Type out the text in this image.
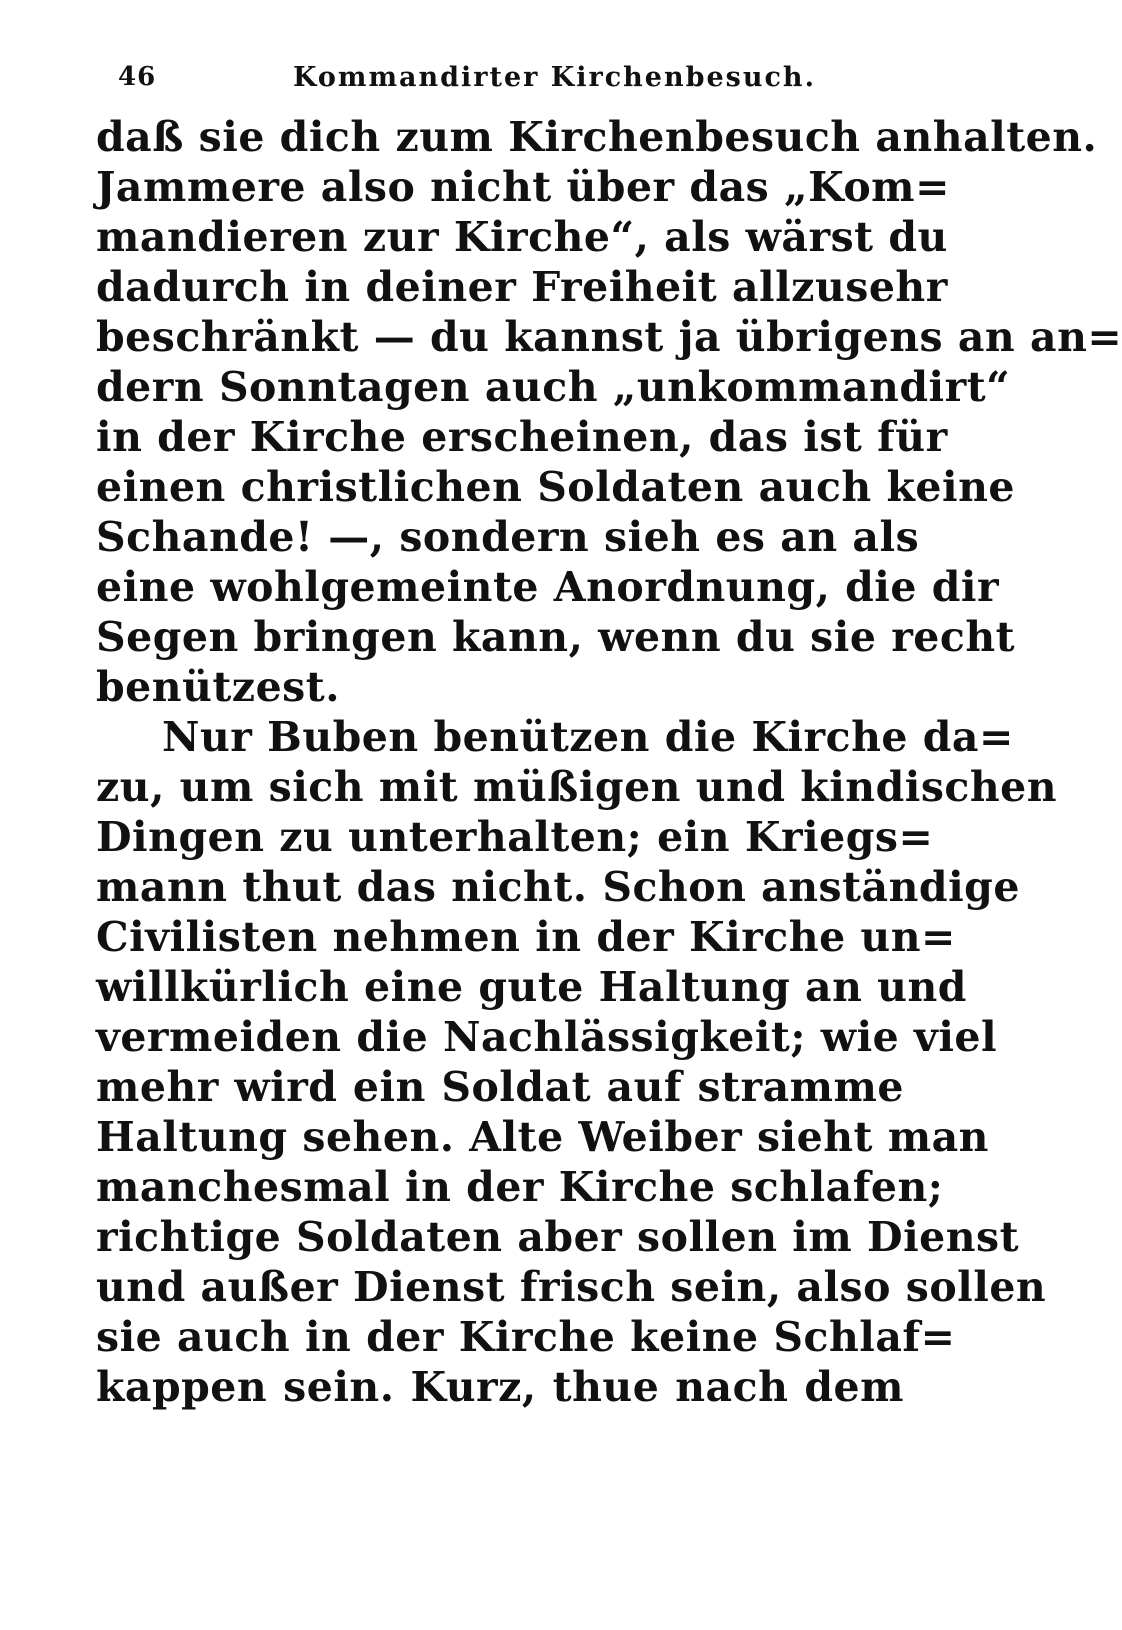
46	Kommandirter Kirchenbesuch.
daß sie dich zum Kirchenbesuch anhalten.
Jammere also nicht über das „Kom=
mandieren zur Kirche“, als wärst du
dadurch in deiner Freiheit allzusehr
beschränkt — du kannst ja übrigens an an=
dern Sonntagen auch „unkommandirt“
in der Kirche erscheinen, das ist für
einen christlichen Soldaten auch keine
Schande! —, sondern sieh es an als
eine wohlgemeinte Anordnung, die dir
Segen bringen kann, wenn du sie recht
benützest.
Nur Buben benützen die Kirche da=
zu, um sich mit müßigen und kindischen
Dingen zu unterhalten; ein Kriegs=
mann thut das nicht. Schon anständige
Civilisten nehmen in der Kirche un=
willkürlich eine gute Haltung an und
vermeiden die Nachlässigkeit; wie viel
mehr wird ein Soldat auf stramme
Haltung sehen. Alte Weiber sieht man
manchesmal in der Kirche schlafen;
richtige Soldaten aber sollen im Dienst
und außer Dienst frisch sein, also sollen
sie auch in der Kirche keine Schlaf=
kappen sein. Kurz, thue nach dem
